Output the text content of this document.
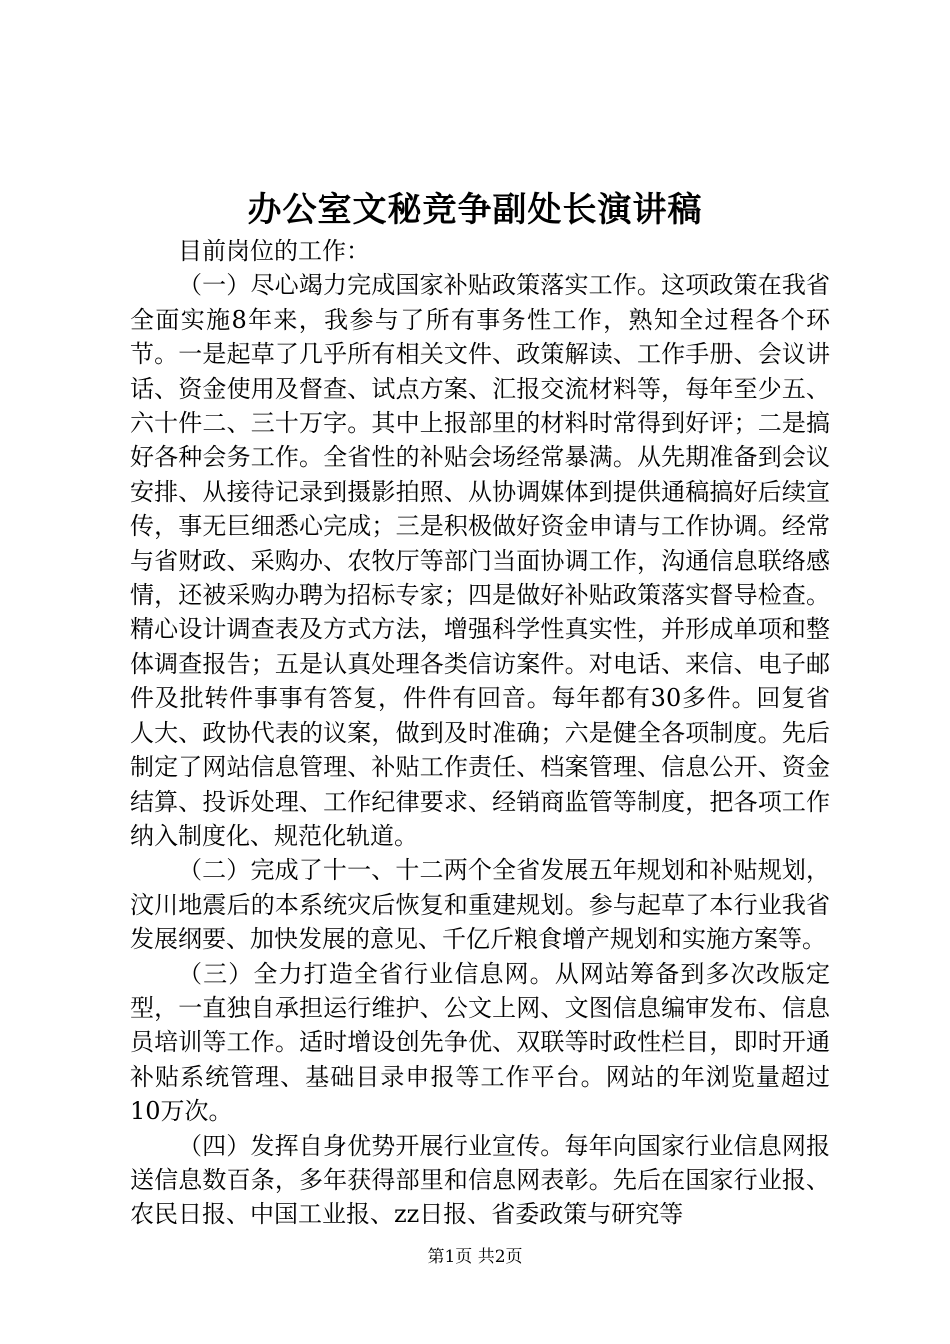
办公室文秘竞争副处长演讲稿

目前岗位的工作：

（一）尽心竭力完成国家补贴政策落实工作。这项政策在我省全面实施8年来，我参与了所有事务性工作，熟知全过程各个环节。一是起草了几乎所有相关文件、政策解读、工作手册、会议讲话、资金使用及督查、试点方案、汇报交流材料等，每年至少五、六十件二、三十万字。其中上报部里的材料时常得到好评；二是搞好各种会务工作。全省性的补贴会场经常暴满。从先期准备到会议安排、从接待记录到摄影拍照、从协调媒体到提供通稿搞好后续宣传，事无巨细悉心完成；三是积极做好资金申请与工作协调。经常与省财政、采购办、农牧厅等部门当面协调工作，沟通信息联络感情，还被采购办聘为招标专家；四是做好补贴政策落实督导检查。精心设计调查表及方式方法，增强科学性真实性，并形成单项和整体调查报告；五是认真处理各类信访案件。对电话、来信、电子邮件及批转件事事有答复，件件有回音。每年都有30多件。回复省人大、政协代表的议案，做到及时准确；六是健全各项制度。先后制定了网站信息管理、补贴工作责任、档案管理、信息公开、资金结算、投诉处理、工作纪律要求、经销商监管等制度，把各项工作纳入制度化、规范化轨道。

（二）完成了十一、十二两个全省发展五年规划和补贴规划，汶川地震后的本系统灾后恢复和重建规划。参与起草了本行业我省发展纲要、加快发展的意见、千亿斤粮食增产规划和实施方案等。

（三）全力打造全省行业信息网。从网站筹备到多次改版定型，一直独自承担运行维护、公文上网、文图信息编审发布、信息员培训等工作。适时增设创先争优、双联等时政性栏目，即时开通补贴系统管理、基础目录申报等工作平台。网站的年浏览量超过10万次。

（四）发挥自身优势开展行业宣传。每年向国家行业信息网报送信息数百条，多年获得部里和信息网表彰。先后在国家行业报、农民日报、中国工业报、zz日报、省委政策与研究等

第1页 共2页
